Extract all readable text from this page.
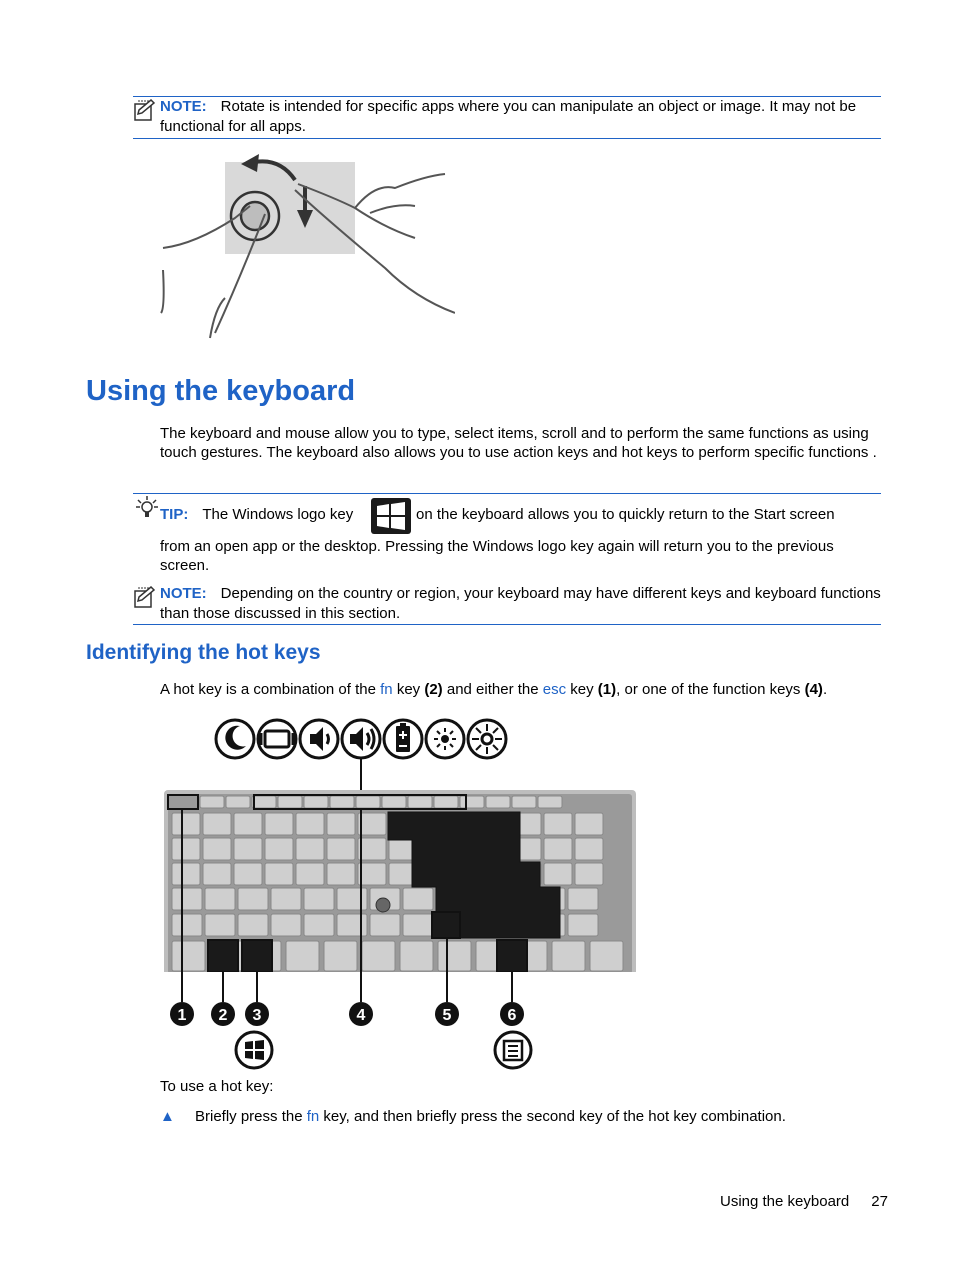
NOTE: Rotate is intended for specific apps where you can manipulate an object or image. It may not be functional for all apps.
Using the keyboard
The keyboard and mouse allow you to type, select items, scroll and to perform the same functions as using touch gestures. The keyboard also allows you to use action keys and hot keys to perform specific functions .
TIP: The Windows logo key	on the keyboard allows you to quickly return to the Start screen
from an open app or the desktop. Pressing the Windows logo key again will return you to the previous screen.
NOTE: Depending on the country or region, your keyboard may have different keys and keyboard functions than those discussed in this section.
Identifying the hot keys
A hot key is a combination of the fn key (2) and either the esc key (1), or one of the function keys (4).
1 2 3	4	5	6
To use a hot key:
▲ Briefly press the fn key, and then briefly press the second key of the hot key combination.
Using the keyboard 27
